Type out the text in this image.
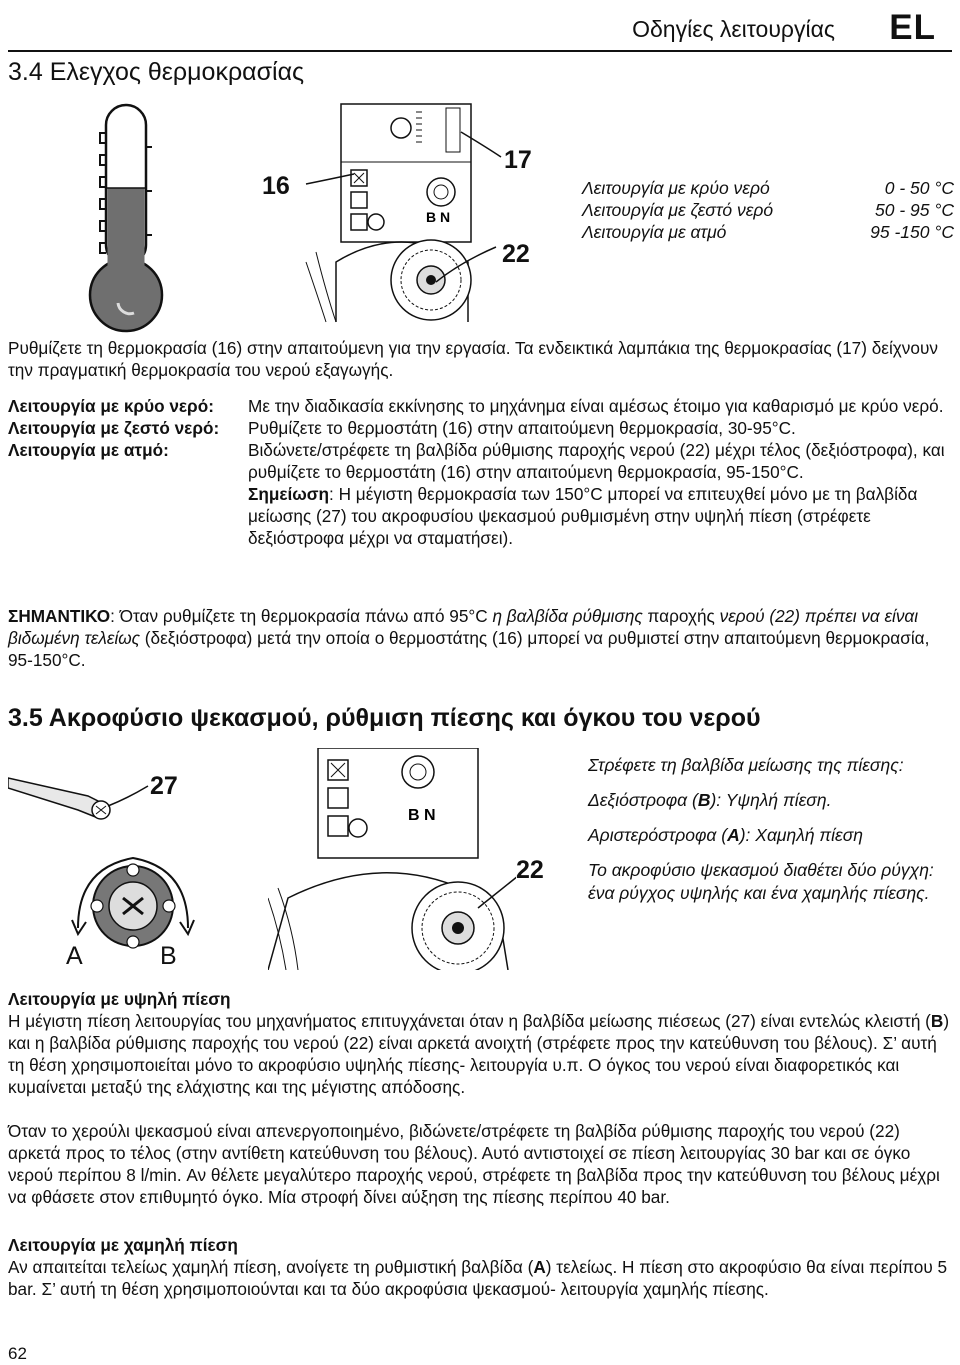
Οδηγίες λειτουργίας EL
3.4 Ελεγχος θερμοκρασίας
B N
16
17
22
Λειτουργία με κρύο νερό	0 - 50 °C
Λειτουργία με ζεστό νερό	50 - 95 °C
Λειτουργία με ατμό	95 -150 °C
Ρυθμίζετε τη θερμοκρασία (16) στην απαιτούμενη για την εργασία. Τα ενδεικτικά λαμπάκια της θερμοκρασίας (17) δείχνουν την πραγματική θερμοκρασία του νερού εξαγωγής.
Λειτουργία με κρύο νερό:	Με την διαδικασία εκκίνησης το μηχάνημα είναι αμέσως έτοιμο για καθαρισμό με κρύο νερό.
Λειτουργία με ζεστό νερό:	Ρυθμίζετε το θερμοστάτη (16) στην απαιτούμενη θερμοκρασία, 30-95°C.
Λειτουργία με ατμό:	Βιδώνετε/στρέφετε τη βαλβίδα ρύθμισης παροχής νερού (22) μέχρι τέλος (δεξιόστροφα), και ρυθμίζετε το θερμοστάτη (16) στην απαιτούμενη θερμοκρασία, 95-150°C.
Σημείωση: Η μέγιστη θερμοκρασία των 150°C μπορεί να επιτευχθεί μόνο με τη βαλβίδα μείωσης (27) του ακροφυσίου ψεκασμού ρυθμισμένη στην υψηλή πίεση (στρέφετε δεξιόστροφα μέχρι να σταματήσει).
ΣΗΜΑΝΤΙΚΟ: Όταν ρυθμίζετε τη θερμοκρασία πάνω από 95°C η βαλβίδα ρύθμισης παροχής νερού (22) πρέπει να είναι βιδωμένη τελείως (δεξιόστροφα) μετά την οποία ο θερμοστάτης (16) μπορεί να ρυθμιστεί στην απαιτούμενη θερμοκρασία, 95-150°C.
3.5 Ακροφύσιο ψεκασμού, ρύθμιση πίεσης και όγκου του νερού
27
A	B
B N
22

Στρέφετε τη βαλβίδα μείωσης της πίεσης:

Δεξιόστροφα (B): Υψηλή πίεση.

Αριστερόστροφα (A): Χαμηλή πίεση

Το ακροφύσιο ψεκασμού διαθέτει δύο ρύγχη: ένα ρύγχος υψηλής και ένα χαμηλής πίεσης.

Λειτουργία με υψηλή πίεση
Η μέγιστη πίεση λειτουργίας του μηχανήματος επιτυγχάνεται όταν η βαλβίδα μείωσης πιέσεως (27) είναι εντελώς κλειστή (B) και η βαλβίδα ρύθμισης παροχής του νερού (22) είναι αρκετά ανοιχτή (στρέφετε προς την κατεύθυνση του βέλους). Σ’ αυτή τη θέση χρησιμοποιείται μόνο το ακροφύσιο υψηλής πίεσης- λειτουργία υ.π. Ο όγκος του νερού είναι διαφορετικός και κυμαίνεται μεταξύ της ελάχιστης και της μέγιστης απόδοσης.
Όταν το χερούλι ψεκασμού είναι απενεργοποιημένο, βιδώνετε/στρέφετε τη βαλβίδα ρύθμισης παροχής του νερού (22) αρκετά προς το τέλος (στην αντίθετη κατεύθυνση του βέλους). Αυτό αντιστοιχεί σε πίεση λειτουργίας 30 bar και σε όγκο νερού περίπου 8 l/min. Αν θέλετε μεγαλύτερο παροχής νερού, στρέφετε τη βαλβίδα προς την κατεύθυνση του βέλους μέχρι να φθάσετε στον επιθυμητό όγκο. Μία στροφή δίνει αύξηση της πίεσης περίπου 40 bar.
Λειτουργία με χαμηλή πίεση
Αν απαιτείται τελείως χαμηλή πίεση, ανοίγετε τη ρυθμιστική βαλβίδα (A) τελείως. Η πίεση στο ακροφύσιο θα είναι περίπου 5 bar. Σ’ αυτή τη θέση χρησιμοποιούνται και τα δύο ακροφύσια ψεκασμού- λειτουργία χαμηλής πίεσης.
62
